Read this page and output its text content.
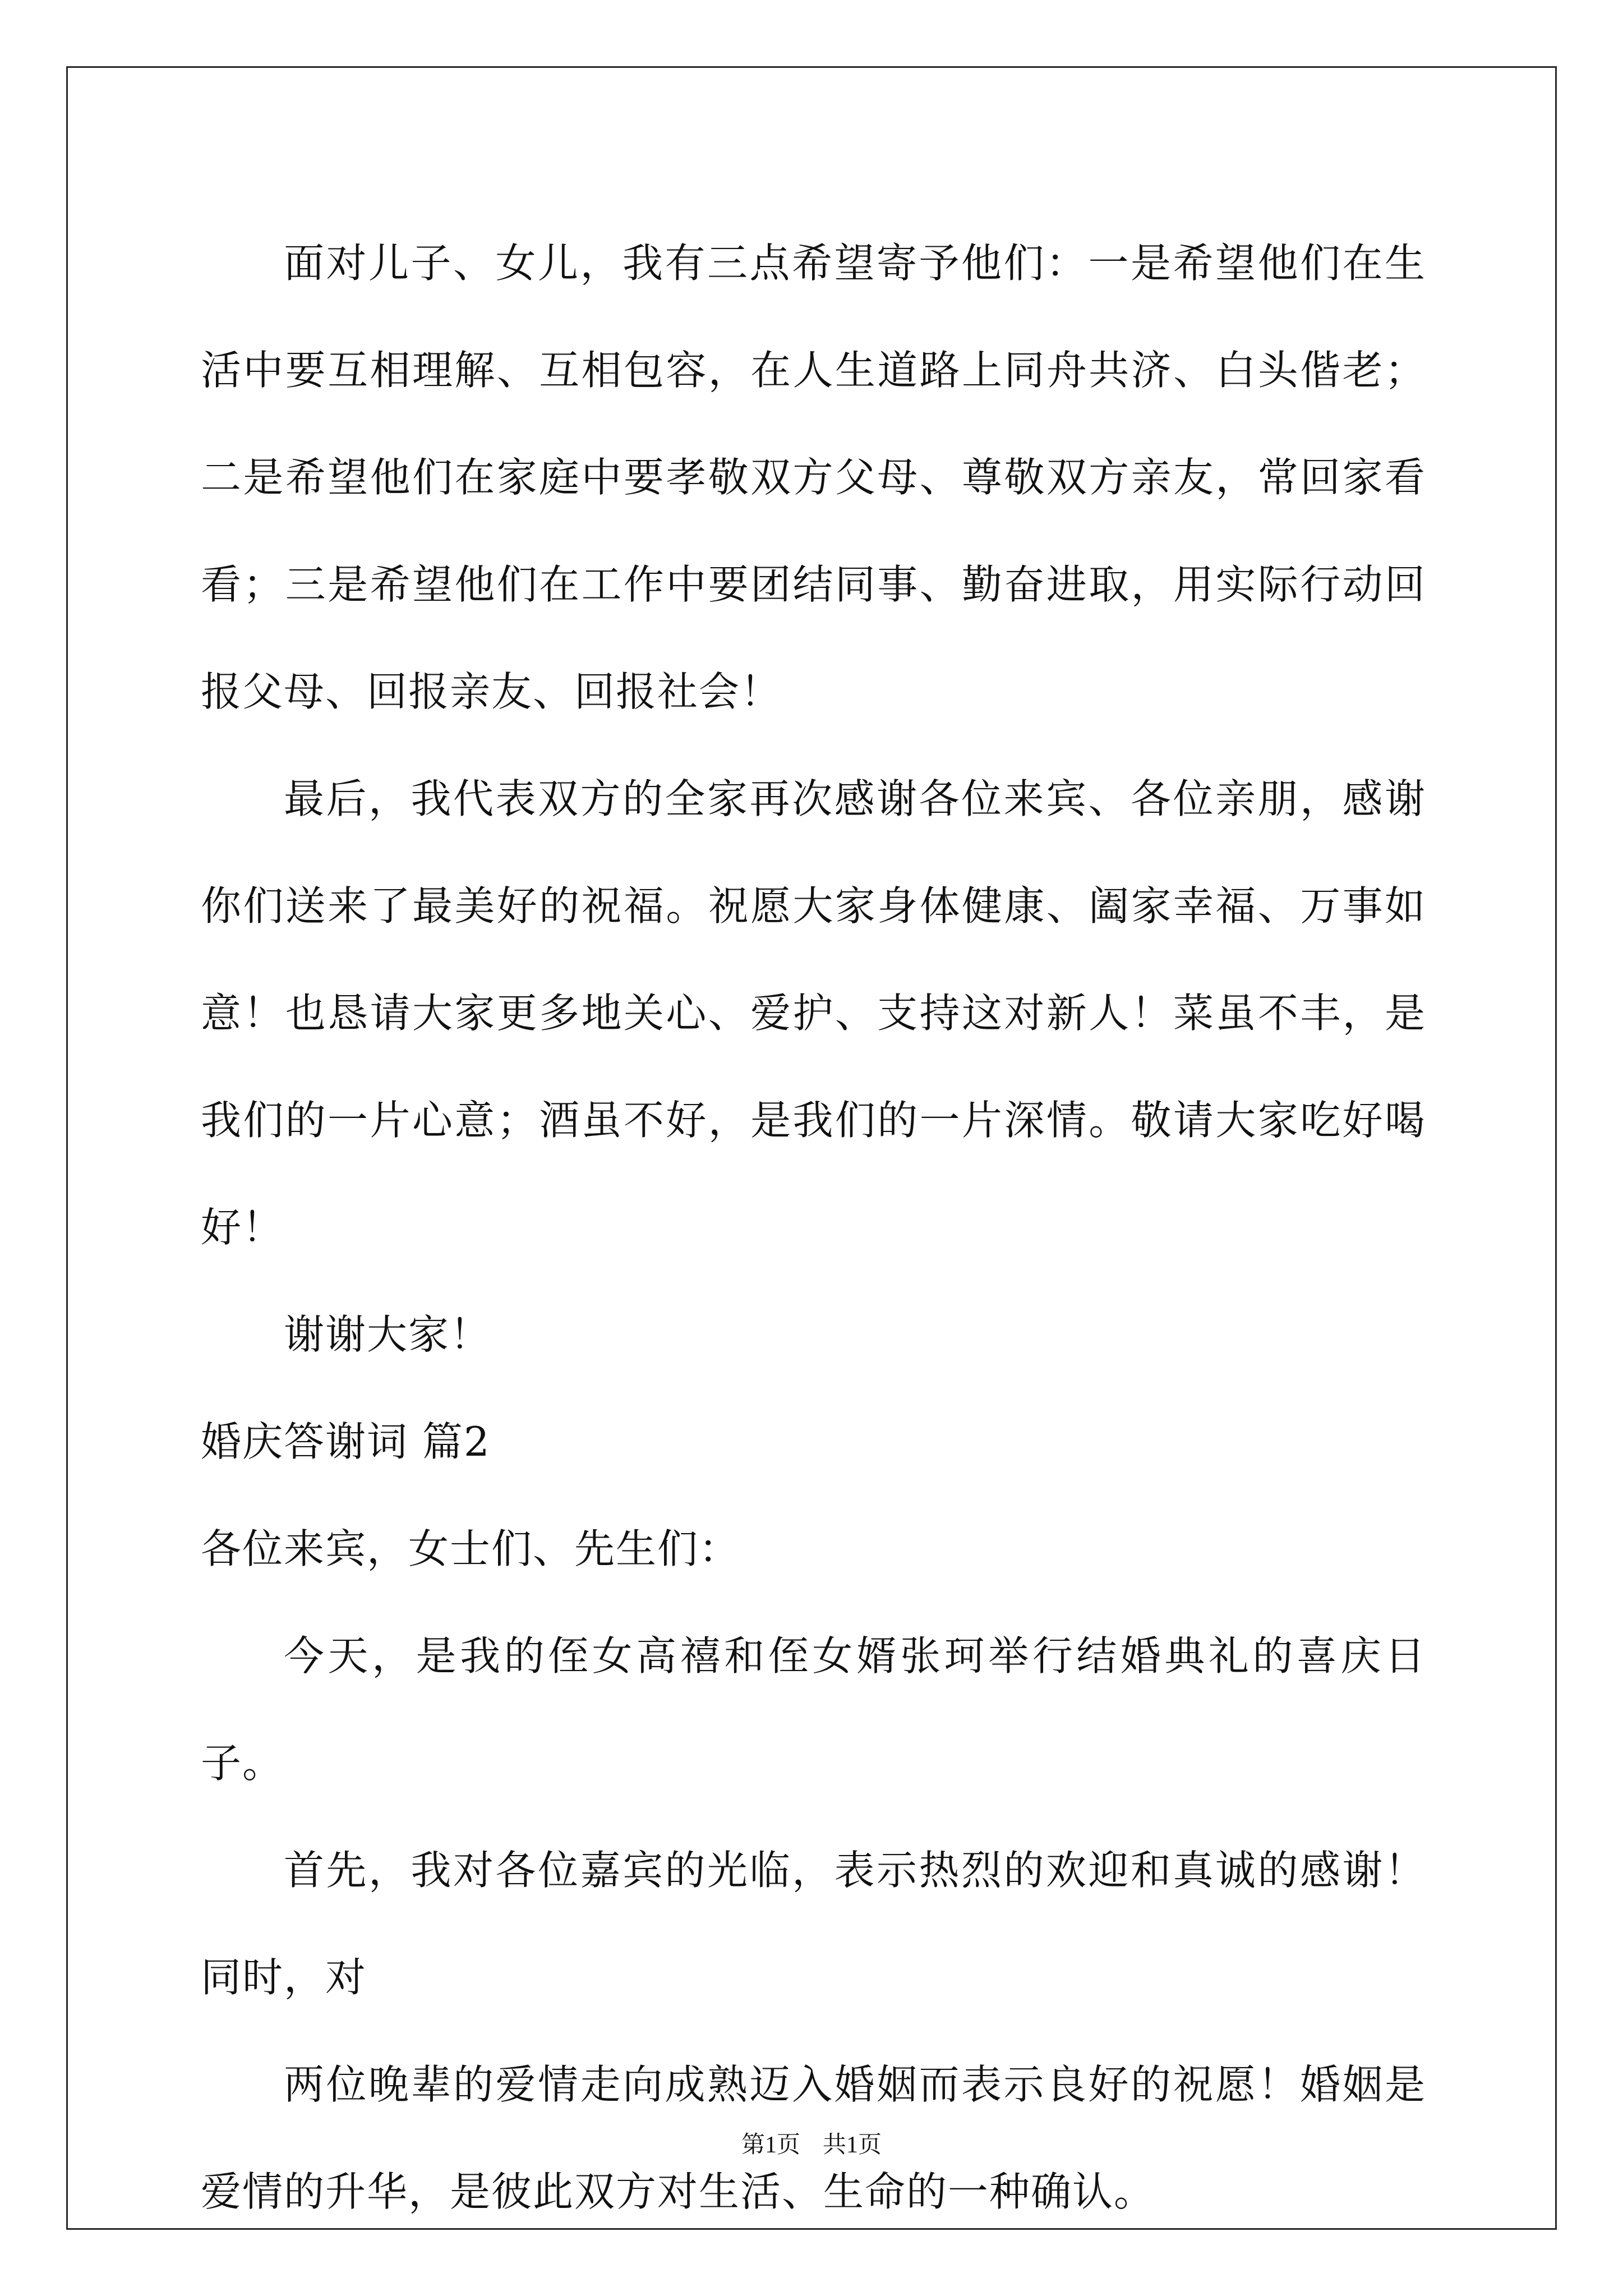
面对儿子、女儿，我有三点希望寄予他们：一是希望他们在生活中要互相理解、互相包容，在人生道路上同舟共济、白头偕老；二是希望他们在家庭中要孝敬双方父母、尊敬双方亲友，常回家看看；三是希望他们在工作中要团结同事、勤奋进取，用实际行动回报父母、回报亲友、回报社会！

最后，我代表双方的全家再次感谢各位来宾、各位亲朋，感谢你们送来了最美好的祝福。祝愿大家身体健康、阖家幸福、万事如意！也恳请大家更多地关心、爱护、支持这对新人！菜虽不丰，是我们的一片心意；酒虽不好，是我们的一片深情。敬请大家吃好喝好！

谢谢大家！

婚庆答谢词 篇2

各位来宾，女士们、先生们：

今天，是我的侄女高禧和侄女婿张珂举行结婚典礼的喜庆日子。

首先，我对各位嘉宾的光临，表示热烈的欢迎和真诚的感谢！同时，对

两位晚辈的爱情走向成熟迈入婚姻而表示良好的祝愿！婚姻是爱情的升华，是彼此双方对生活、生命的一种确认。

第1页 共1页
